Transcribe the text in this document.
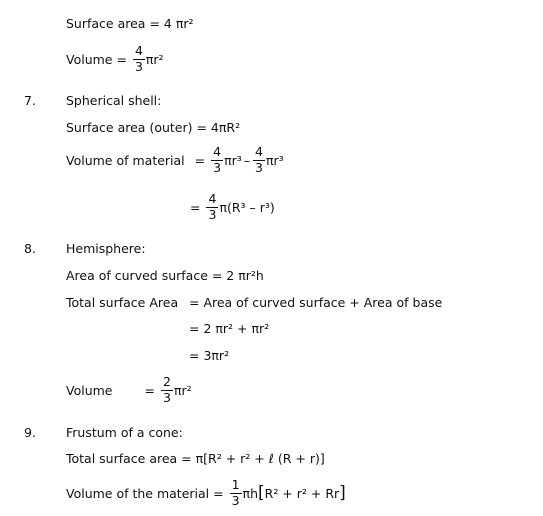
Surface area = 4 πr²
Volume = $\frac{4}{3} \pi r^2$
7. Spherical shell:
Surface area (outer) = 4πR²
Volume of material = $\frac{4}{3} \pi r^3 - \frac{4}{3} \pi r^3$
= $\frac{4}{3} \pi(R^3 - r^3)$
8. Hemisphere:
Area of curved surface = 2 πr²h
Total surface Area = Area of curved surface + Area of base
= 2 πr² + πr²
= 3πr²
Volume	= $\frac{2}{3} \pi r^2$
9. Frustum of a cone:
Total surface area = π[R² + r² + ℓ (R + r)]
Volume of the material = $\frac{1}{3}$ πh [ R² + r² + Rr ]
